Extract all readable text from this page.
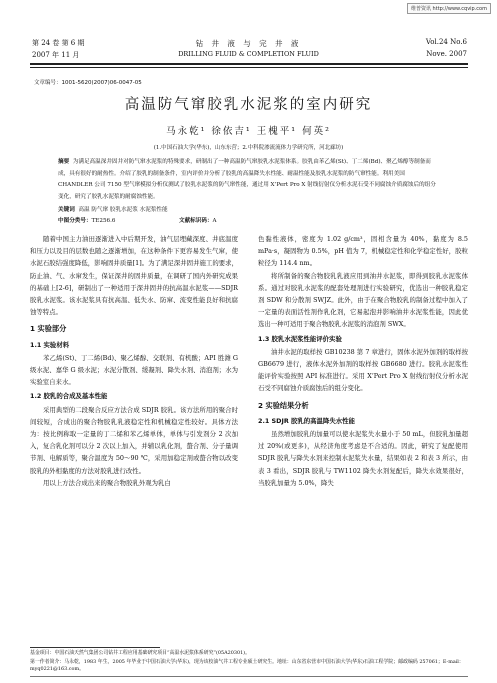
维普资讯 http://www.cqvip.com
第 24 卷 第 6 期
2007 年 11 月
钻 井 液 与 完 井 液
DRILLING FLUID & COMPLETION FLUID
Vol.24 No.6
Nove. 2007
文章编号：1001-5620(2007)06-0047-05
高温防气窜胶乳水泥浆的室内研究
马永乾¹ 徐依吉¹ 王槐平¹ 何英²
(1.中国石油大学(华东)，山东东营；2.中科院渗流流体力学研究所，河北廊坊)
摘要 为满足高温深井固井对防气窜水泥浆的特殊要求，研制出了一种高温防气窜胶乳水泥浆体系。胶乳由苯乙烯(St)、丁二烯(Bd)、聚乙烯醇等制备而成，具有很好的耐热性。介绍了胶乳的制备条件，室内评价并分析了胶乳的高温降失水性能、耐温性能及胶乳水泥浆的防气窜性能。利用美国 CHANDLER 公司 7150 型气窜模拟分析仪测试了胶乳水泥浆的防气窜性能，通过用 X’Pert Pro X 射线衍射仪分析水泥石受不同腐蚀介质腐蚀后的组分变化，研究了胶乳水泥浆的耐腐蚀性能。
关键词 高温 防气窜 胶乳水泥浆 水泥浆性能
中图分类号：TE256.6	文献标识码：A

随着中国主力油田逐渐进入中后期开发，油气层埋藏深度、井底温度和压力以及目的层数也随之逐渐增加，在这种条件下更容易发生气窜，使水泥石胶结强度降低，影响固井质量[1]。为了满足深井固井施工的要求，防止油、气、水窜发生，保证深井的固井质量，在调研了国内外研究成果的基础上[2-6]，研制出了一种适用于深井固井的抗高温水泥浆——SDJR 胶乳水泥浆。该水泥浆具有抗高温、低失水、防窜、流变性能良好和抗腐蚀等特点。

1 实验部分
1.1 实验材料

苯乙烯(St)、丁二烯(Bd)、聚乙烯醇、交联剂、有机酸；API 胜潍 G 级水泥、嘉华 G 级水泥；水泥分散剂、缓凝剂、降失水剂、消泡剂；水为实验室自来水。

1.2 胶乳的合成及基本性能

采用典型的二段聚合反应方法合成 SDJR 胶乳。该方法所用的聚合时间较短，合成出的聚合物胶乳乳液稳定性和机械稳定性较好。具体方法为：按比例称取一定量的丁二烯和苯乙烯单体，单体与引发剂分 2 次加入，复合乳化剂可以分 2 次以上加入，并辅以乳化剂，螯合剂、分子量调节剂、电解质等，聚合温度为 50～90 ℃，采用加稳定剂或螯合物以改变胶乳的外相黏度的方法对胶乳进行改性。

用以上方法合成出来的聚合物胶乳外观为乳白

色黏性液体，密度为 1.02 g/cm³，固相含量为 40%，黏度为 8.5 mPa·s，凝固物为 0.5%，pH 值为 7，机械稳定性和化学稳定性好，胶粒粒径为 114.4 nm。

将所制备的聚合物胶乳乳液应用到油井水泥浆，即得到胶乳水泥浆体系。通过对胶乳水泥浆的配套处理剂进行实验研究，优选出一种胶乳稳定剂 SDW 和分散剂 SWJZ。此外，由于在聚合物胶乳的制备过程中加入了一定量的表面活性剂作乳化剂，它易起泡并影响油井水泥浆性能，因此优选出一种可适用于聚合物胶乳水泥浆的消泡剂 SWX。

1.3 胶乳水泥浆性能评价实验

油井水泥的取样按 GB10238 第 7 章进行，固体水泥外加剂的取样按 GB6679 进行，液体水泥外加剂的取样按 GB6680 进行。胶乳水泥浆性能评价实验按照 API 标准进行。采用 X’Pert Pro X 射线衍射仪分析水泥石受不同腐蚀介质腐蚀后的组分变化。

2 实验结果分析
2.1 SDJR 胶乳的高温降失水性能

虽然增加胶乳的加量可以使水泥浆失水量小于 50 mL，但胶乳加量超过 20%(或更多)，从经济角度考虑是不合适的。因此，研究了复配使用 SDJR 胶乳与降失水剂来控制水泥浆失水量，结果如表 2 和表 3 所示，由表 3 看出，SDJR 胶乳与 TW1102 降失水剂复配后，降失水效果很好，当胶乳加量为 5.0%，降失

基金项目：中国石油天然气集团公司钻井工程应用基础研究项目“高温水泥浆体系研究”(05A20301)。
第一作者简介：马永乾，1983 年生，2005 年毕业于中国石油大学(华东)，现为该校油气井工程专业硕士研究生。地址：山东省东营市中国石油大学(华东)石油工程学院；邮政编码 257061；E-mail：myq0221@163.com。
